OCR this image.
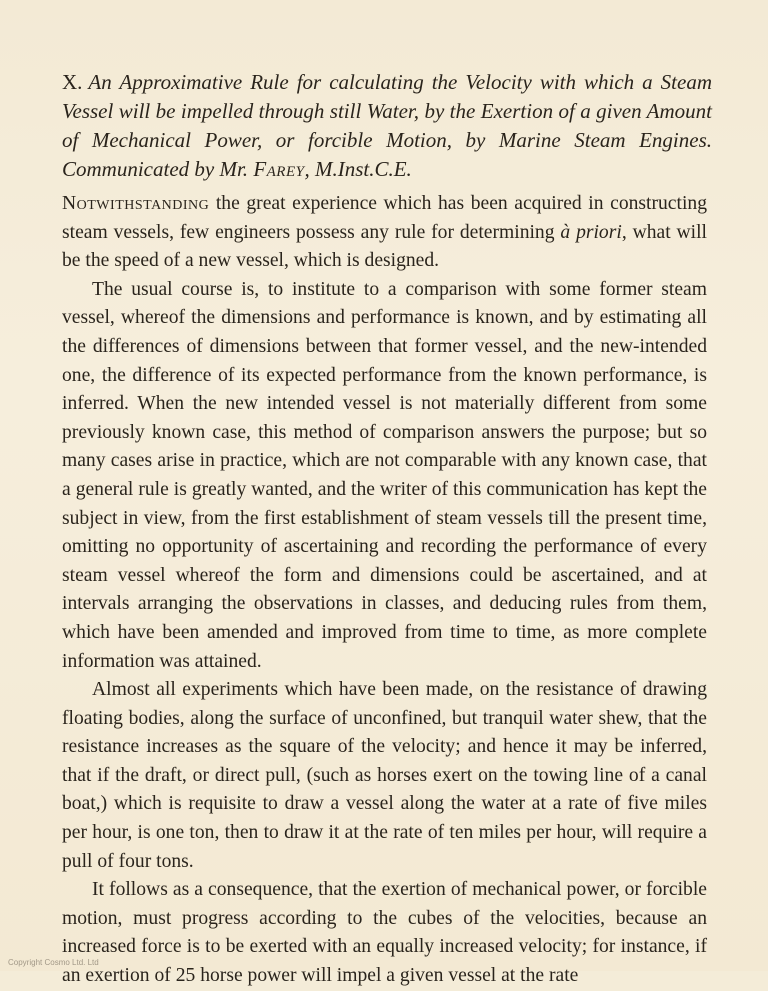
X. An Approximative Rule for calculating the Velocity with which a Steam Vessel will be impelled through still Water, by the Exertion of a given Amount of Mechanical Power, or forcible Motion, by Marine Steam Engines. Communicated by Mr. Farey, M.Inst.C.E.

Notwithstanding the great experience which has been acquired in constructing steam vessels, few engineers possess any rule for determining à priori, what will be the speed of a new vessel, which is designed.

The usual course is, to institute to a comparison with some former steam vessel, whereof the dimensions and performance is known, and by estimating all the differences of dimensions between that former vessel, and the new-intended one, the difference of its expected performance from the known performance, is inferred. When the new intended vessel is not materially different from some previously known case, this method of comparison answers the purpose; but so many cases arise in practice, which are not comparable with any known case, that a general rule is greatly wanted, and the writer of this communication has kept the subject in view, from the first establishment of steam vessels till the present time, omitting no opportunity of ascertaining and recording the performance of every steam vessel whereof the form and dimensions could be ascertained, and at intervals arranging the observations in classes, and deducing rules from them, which have been amended and improved from time to time, as more complete information was attained.

Almost all experiments which have been made, on the resistance of drawing floating bodies, along the surface of unconfined, but tranquil water shew, that the resistance increases as the square of the velocity; and hence it may be inferred, that if the draft, or direct pull, (such as horses exert on the towing line of a canal boat,) which is requisite to draw a vessel along the water at a rate of five miles per hour, is one ton, then to draw it at the rate of ten miles per hour, will require a pull of four tons.

It follows as a consequence, that the exertion of mechanical power, or forcible motion, must progress according to the cubes of the velocities, because an increased force is to be exerted with an equally increased velocity; for instance, if an exertion of 25 horse power will impel a given vessel at the rate

Copyright Cosmo Ltd. Ltd
